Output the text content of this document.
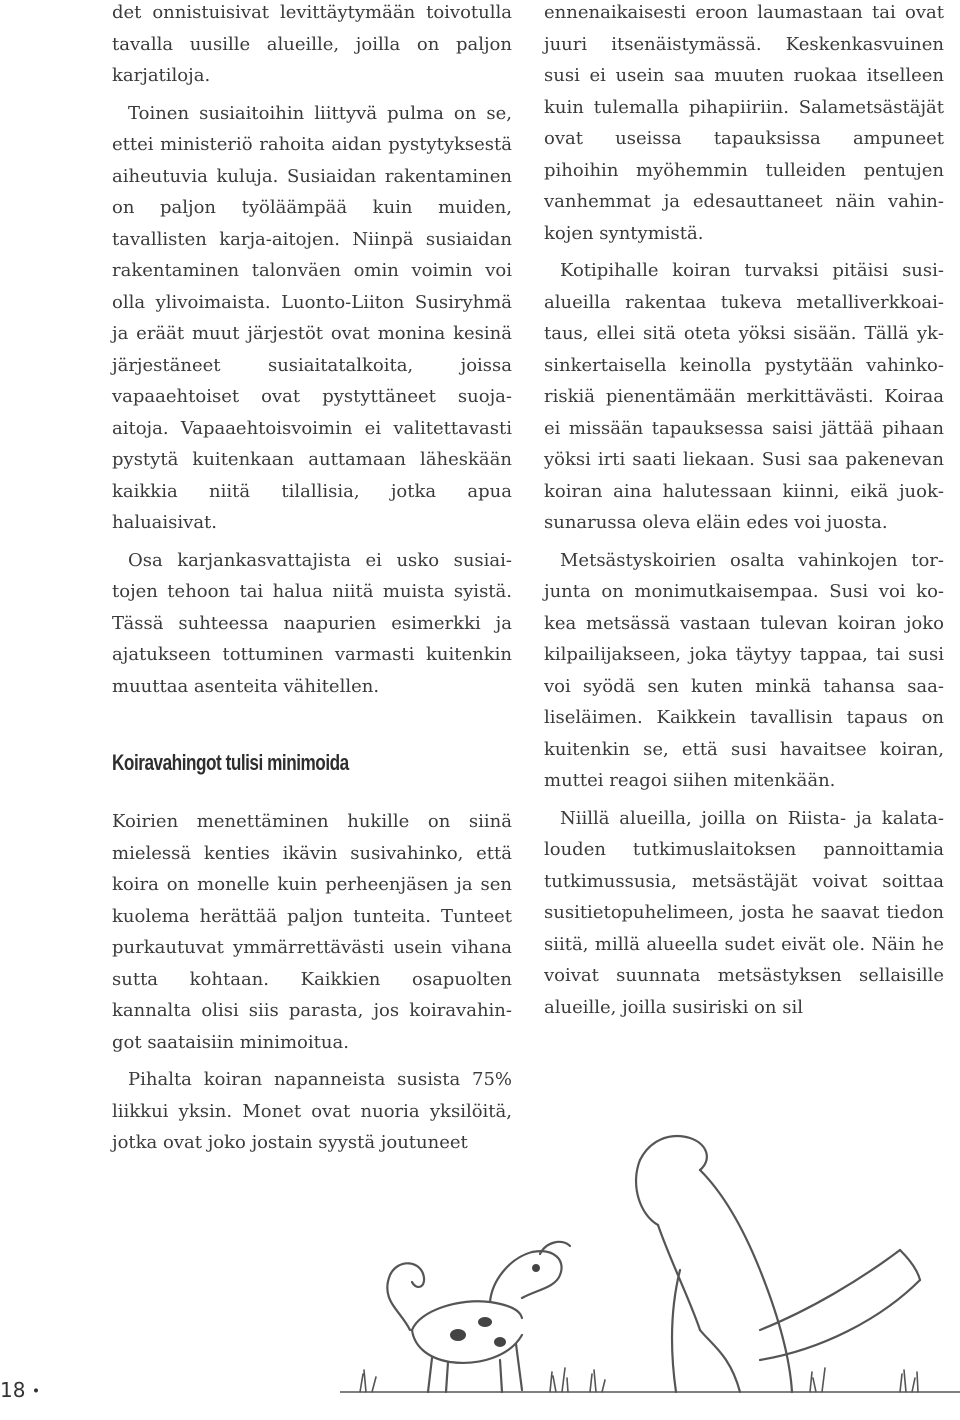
det onnistuisivat levittäytymään toivotulla tavalla uusille alueille, joilla on paljon karjatiloja.

Toinen susiaitoihin liittyvä pulma on se, ettei ministeriö rahoita aidan pystytyksestä aiheutuvia kuluja. Susiaidan rakentaminen on paljon työläämpää kuin muiden, tavallisten karja-aitojen. Niinpä susiaidan rakentaminen talonväen omin voimin voi olla ylivoimaista. Luonto-Liiton Susiryhmä ja eräät muut järjestöt ovat monina kesinä järjestäneet susiaitatalkoita, joissa vapaaehtoiset ovat pystyttäneet suoja-aitoja. Vapaaehtoisvoimin ei valitettavasti pystytä kuitenkaan auttamaan läheskään kaikkia niitä tilallisia, jotka apua haluaisivat.

Osa karjankasvattajista ei usko susiaitojen tehoon tai halua niitä muista syistä. Tässä suhteessa naapurien esimerkki ja ajatukseen tottuminen varmasti kuitenkin muuttaa asenteita vähitellen.

Koiravahingot tulisi minimoida

Koirien menettäminen hukille on siinä mielessä kenties ikävin susivahinko, että koira on monelle kuin perheenjäsen ja sen kuolema herättää paljon tunteita. Tunteet purkautuvat ymmärrettävästi usein vihana sutta kohtaan. Kaikkien osapuolten kannalta olisi siis parasta, jos koiravahingot saataisiin minimoitua.

Pihalta koiran napanneista susista 75% liikkui yksin. Monet ovat nuoria yksilöitä, jotka ovat joko jostain syystä joutuneet

ennenaikaisesti eroon laumastaan tai ovat juuri itsenäistymässä. Keskenkasvuinen susi ei usein saa muuten ruokaa itselleen kuin tulemalla pihapiiriin. Salametsästäjät ovat useissa tapauksissa ampuneet pihoihin myöhemmin tulleiden pentujen vanhemmat ja edesauttaneet näin vahinkojen syntymistä.

Kotipihalle koiran turvaksi pitäisi susialueilla rakentaa tukeva metalliverkkoaitaus, ellei sitä oteta yöksi sisään. Tällä yksinkertaisella keinolla pystytään vahinkoriskiä pienentämään merkittävästi. Koiraa ei missään tapauksessa saisi jättää pihaan yöksi irti saati liekaan. Susi saa pakenevan koiran aina halutessaan kiinni, eikä juoksunarussa oleva eläin edes voi juosta.

Metsästyskoirien osalta vahinkojen torjunta on monimutkaisempaa. Susi voi kokea metsässä vastaan tulevan koiran joko kilpailijakseen, joka täytyy tappaa, tai susi voi syödä sen kuten minkä tahansa saaliseläimen. Kaikkein tavallisin tapaus on kuitenkin se, että susi havaitsee koiran, muttei reagoi siihen mitenkään.

Niillä alueilla, joilla on Riista- ja kalatalouden tutkimuslaitoksen pannoittamia tutkimussusia, metsästäjät voivat soittaa susitietopuhelimeen, josta he saavat tiedon siitä, millä alueella sudet eivät ole. Näin he voivat suunnata metsästyksen sellaisille alueille, joilla susiriski on sil

18 •
